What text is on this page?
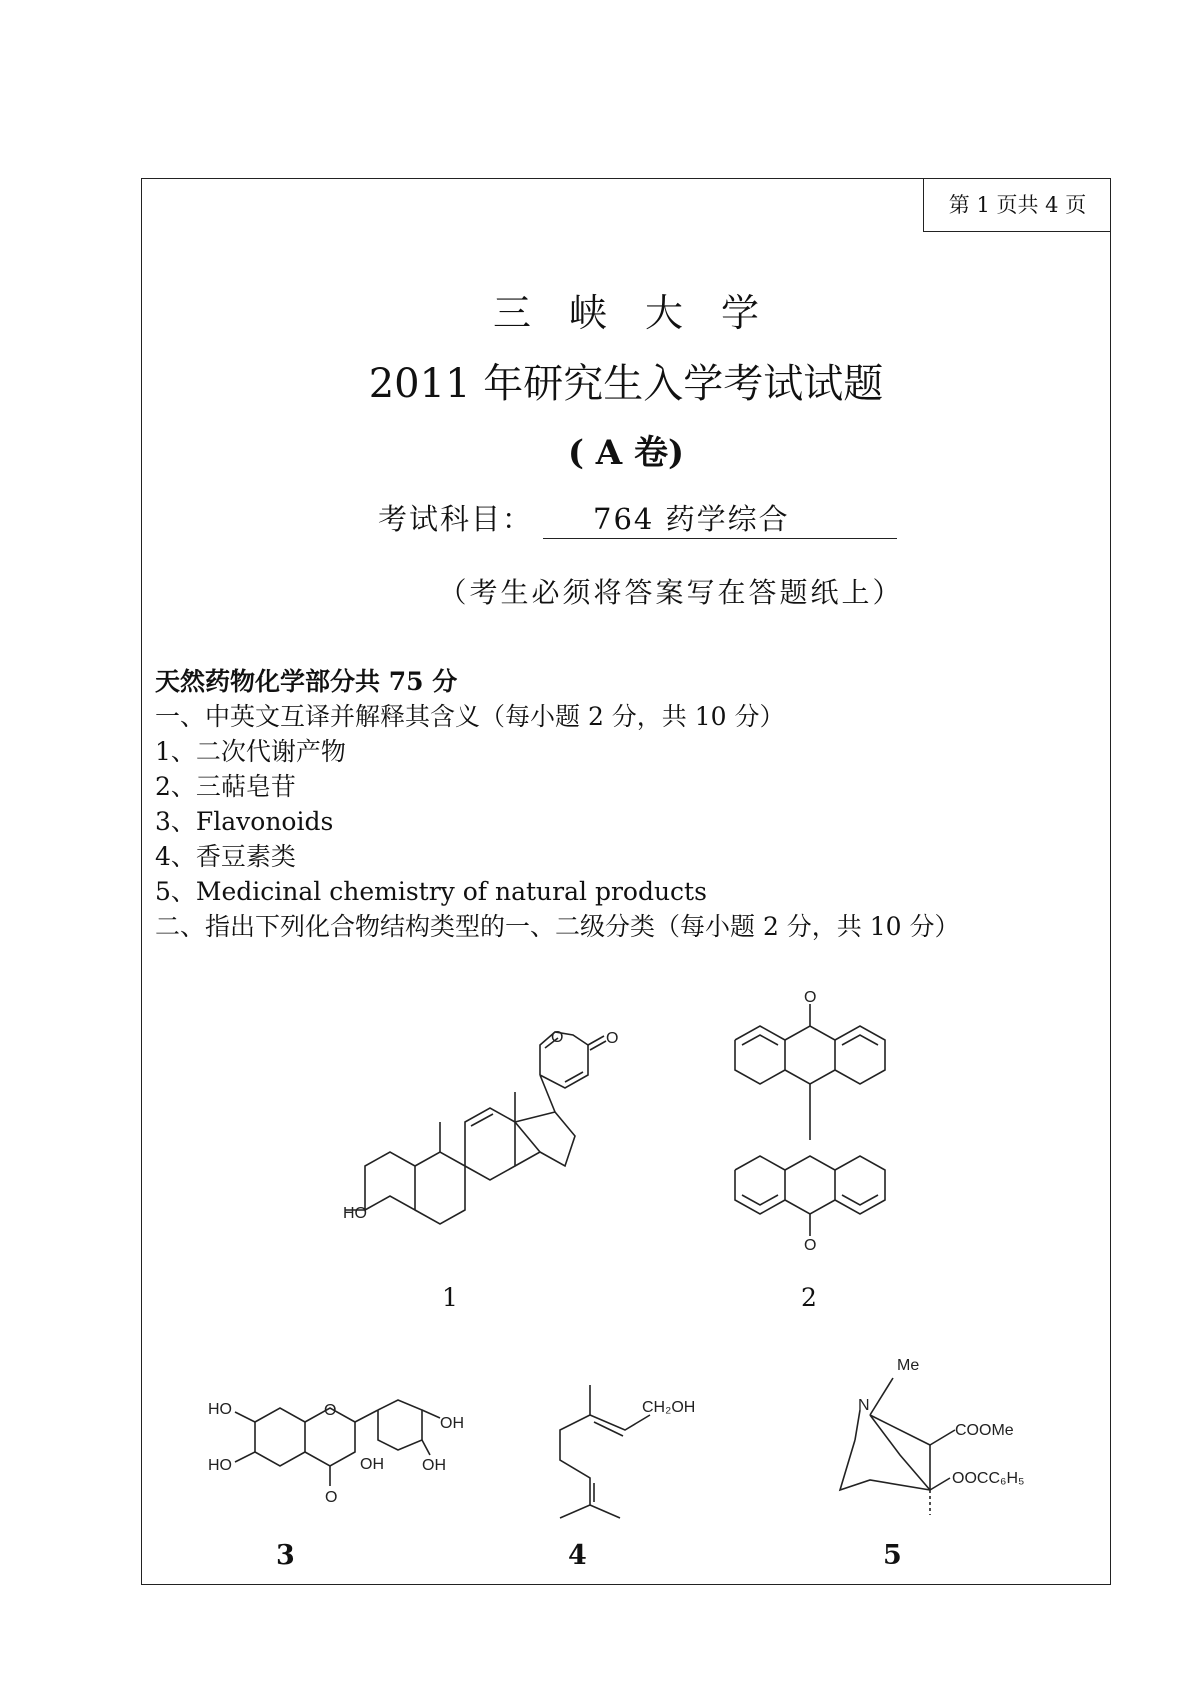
第 1 页共 4 页
三峡大学
2011 年研究生入学考试试题
( A 卷)
考试科目： 764 药学综合
（考生必须将答案写在答题纸上）
天然药物化学部分共 75 分
一、中英文互译并解释其含义（每小题 2 分，共 10 分）
1、二次代谢产物
2、三萜皂苷
3、Flavonoids
4、香豆素类
5、Medicinal chemistry of natural products
二、指出下列化合物结构类型的一、二级分类（每小题 2 分，共 10 分）
HO
O	O
O
O
HO
HO
O
OH
O
OH
OH
CH₂OH
Me
N
COOMe
OOCC₆H₅
1	2
3	4	5
